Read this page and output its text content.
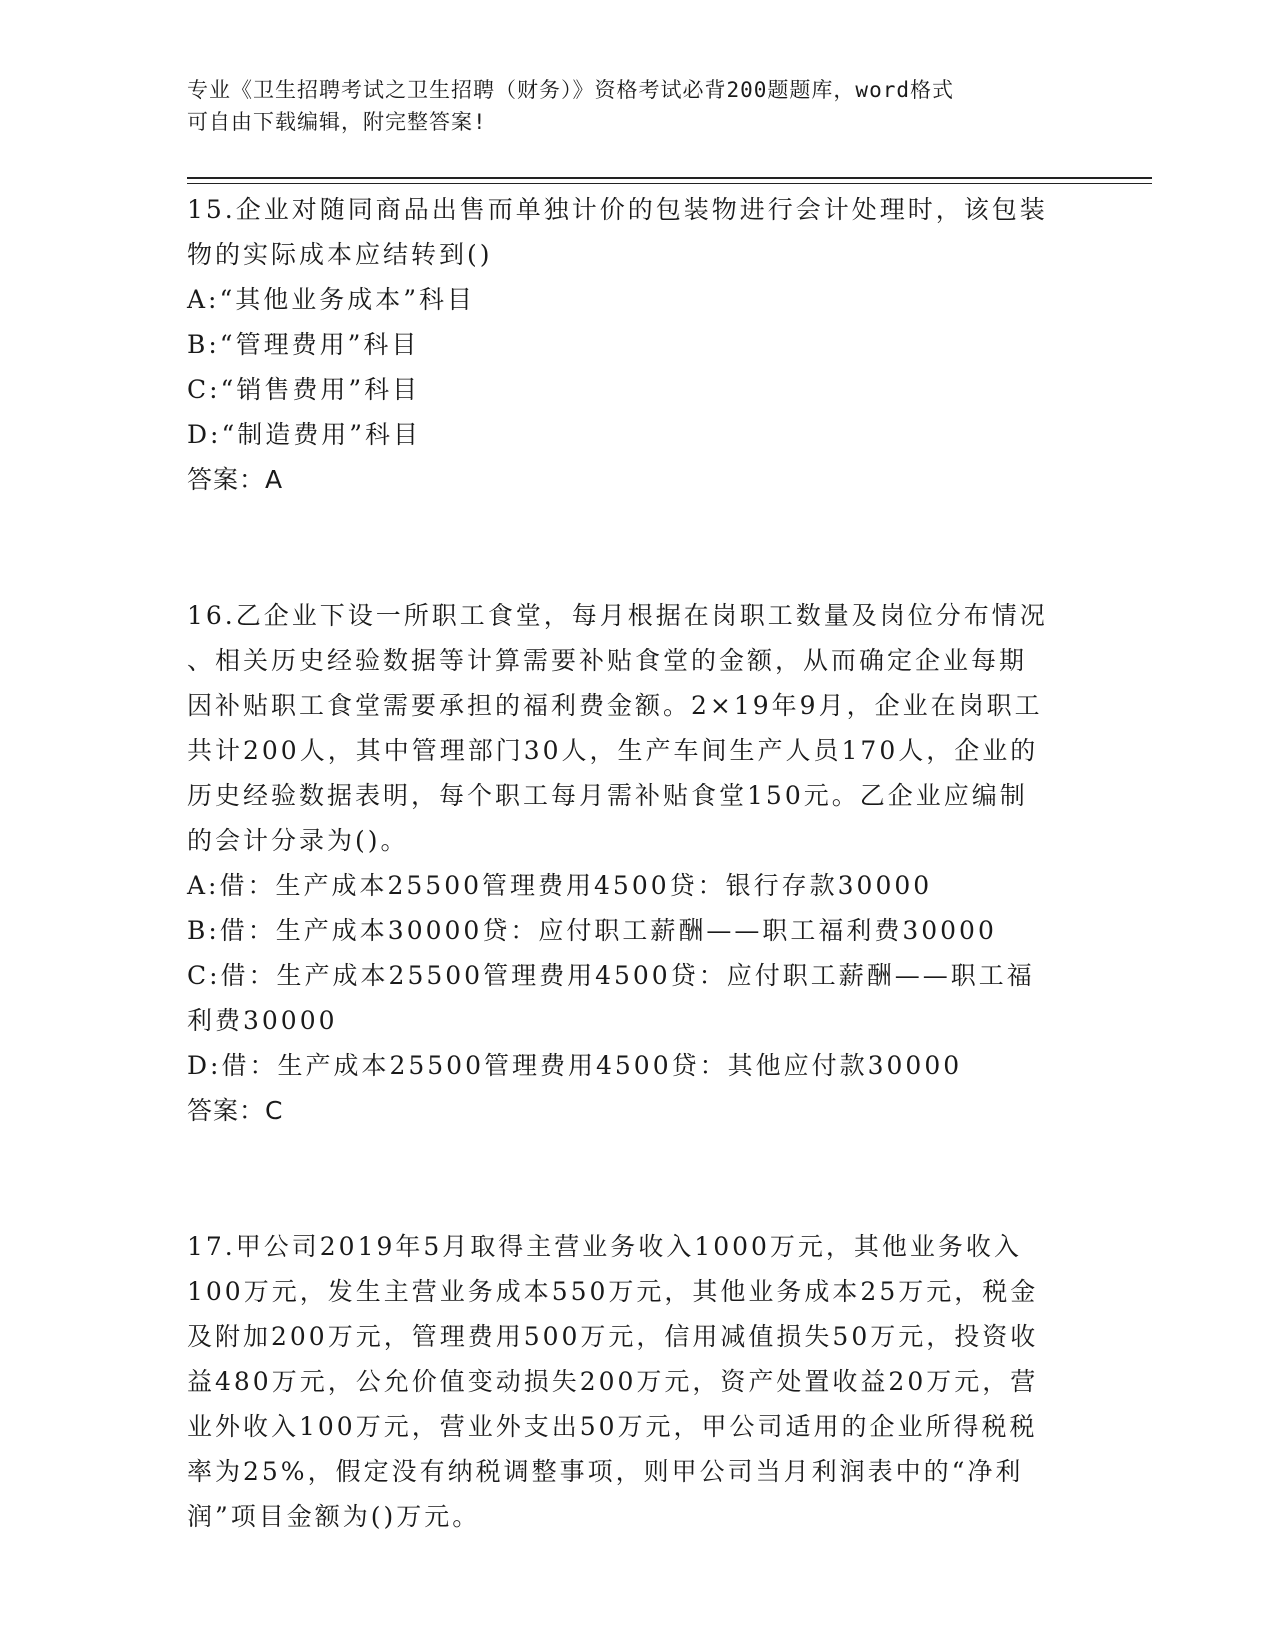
专业《卫生招聘考试之卫生招聘（财务）》资格考试必背200题题库，word格式
可自由下载编辑，附完整答案!
15.企业对随同商品出售而单独计价的包装物进行会计处理时，该包装
物的实际成本应结转到()
A:“其他业务成本”科目
B:“管理费用”科目
C:“销售费用”科目
D:“制造费用”科目
答案：A
16.乙企业下设一所职工食堂，每月根据在岗职工数量及岗位分布情况
、相关历史经验数据等计算需要补贴食堂的金额，从而确定企业每期
因补贴职工食堂需要承担的福利费金额。2×19年9月，企业在岗职工
共计200人，其中管理部门30人，生产车间生产人员170人，企业的
历史经验数据表明，每个职工每月需补贴食堂150元。乙企业应编制
的会计分录为()。
A:借：生产成本25500管理费用4500贷：银行存款30000
B:借：生产成本30000贷：应付职工薪酬——职工福利费30000
C:借：生产成本25500管理费用4500贷：应付职工薪酬——职工福
利费30000
D:借：生产成本25500管理费用4500贷：其他应付款30000
答案：C
17.甲公司2019年5月取得主营业务收入1000万元，其他业务收入
100万元，发生主营业务成本550万元，其他业务成本25万元，税金
及附加200万元，管理费用500万元，信用减值损失50万元，投资收
益480万元，公允价值变动损失200万元，资产处置收益20万元，营
业外收入100万元，营业外支出50万元，甲公司适用的企业所得税税
率为25%，假定没有纳税调整事项，则甲公司当月利润表中的“净利
润”项目金额为()万元。
